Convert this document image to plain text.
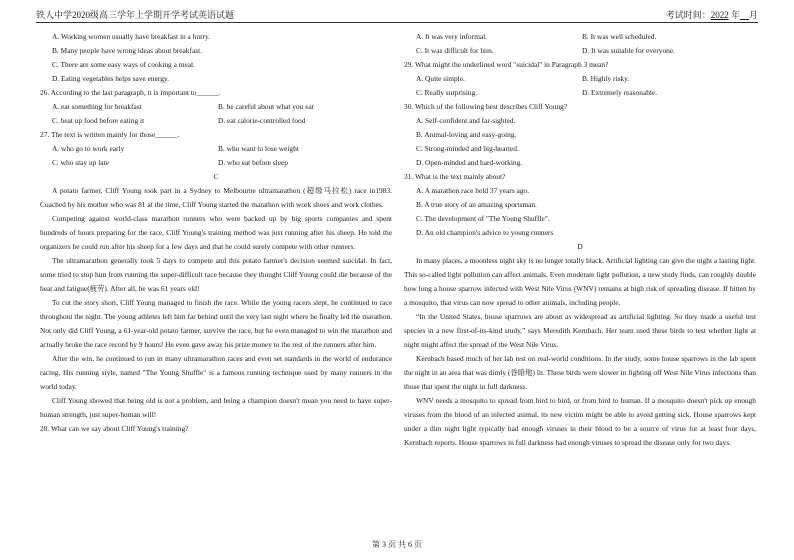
铁人中学2020级高三学年上学期开学考试英语试题	考试时间：2022 年 月
A. Working women usually have breakfast in a hurry.
B. Many people have wrong ideas about breakfast.
C. There are some easy ways of cooking a meal.
D. Eating vegetables helps save energy.
26. According to the last paragraph, it is important to______.
A. eat something for breakfast	B. be careful about what you eat
C. heat up food before eating it	D. eat calorie-controlled food
27. The text is written mainly for those______.
A. who go to work early	B. who want to lose weight
C. who stay up late	D. who eat before sleep
C

A potato farmer, Cliff Young took part in a Sydney to Melbourne ultramarathon (超级马拉松) race in1983. Coached by his mother who was 81 at the time, Cliff Young started the marathon with work shoes and work clothes.

Competing against world-class marathon runners who were backed up by big sports companies and spent hundreds of hours preparing for the race, Cliff Young's training method was just running after his sheep. He told the organizers he could run after his sheep for a few days and that he could surely compete with other runners.

The ultramarathon generally took 5 days to compete and this potato farmer's decision seemed suicidal. In fact, some tried to stop him from running the super-difficult race because they thought Cliff Young could die because of the heat and fatigue(疲劳). After all, he was 61 years old!

To cut the story short, Cliff Young managed to finish the race. While the young racers slept, he continued to race throughout the night. The young athletes left him far behind until the very last night where he finally led the marathon. Not only did Cliff Young, a 61-year-old potato farmer, survive the race, but he even managed to win the marathon and actually broke the race record by 9 hours! He even gave away his prize money to the rest of the runners after him.

After the win, he continued to run in many ultramarathon races and even set standards in the world of endurance racing. His running style, named "The Young Shuffle" is a famous running technique used by many runners in the world today.

Cliff Young showed that being old is not a problem, and being a champion doesn't mean you need to have super-human strength, just super-human will!

28. What can we say about Cliff Young's training?
A. It was very informal.	B. It was well scheduled.
C. It was difficult for him.	D. It was suitable for everyone.
29. What might the underlined word "suicidal" in Paragraph 3 mean?
A. Quite simple.	B. Highly risky.
C. Really surprising.	D. Extremely reasonable.
30. Which of the following best describes Cliff Young?
A. Self-confident and far-sighted.
B. Animal-loving and easy-going.
C. Strong-minded and big-hearted.
D. Open-minded and hard-working.
31. What is the text mainly about?
A. A marathon race held 37 years ago.
B. A true story of an amazing sportsman.
C. The development of "The Young Shuffle".
D. An old champion's advice to young runners
D

In many places, a moonless night sky is no longer totally black. Artificial lighting can give the night a lasting light. This so-called light pollution can affect animals. Even moderate light pollution, a new study finds, can roughly double how long a house sparrow infected with West Nile Virus (WNV) remains at high risk of spreading disease. If bitten by a mosquito, that virus can now spread to other animals, including people.

“In the United States, house sparrows are about as widespread as artificial lighting. So they made a useful test species in a new first-of-its-kind study,” says Meredith Kernbach. Her team used these birds to test whether light at night might affect the spread of the West Nile Virus.

Kernbach based much of her lab test on real-world conditions. In the study, some house sparrows in the lab spent the night in an area that was dimly (昏暗地) lit. These birds were slower in fighting off West Nile Virus infections than those that spent the night in full darkness.

WNV needs a mosquito to spread from bird to bird, or from bird to human. If a mosquito doesn't pick up enough viruses from the blood of an infected animal, its new victim might be able to avoid getting sick. House sparrows kept under a dim night light typically had enough viruses in their blood to be a source of virus for at least four days, Kernbach reports. House sparrows in full darkness had enough viruses to spread the disease only for two days.

第 3 页 共 6 页
